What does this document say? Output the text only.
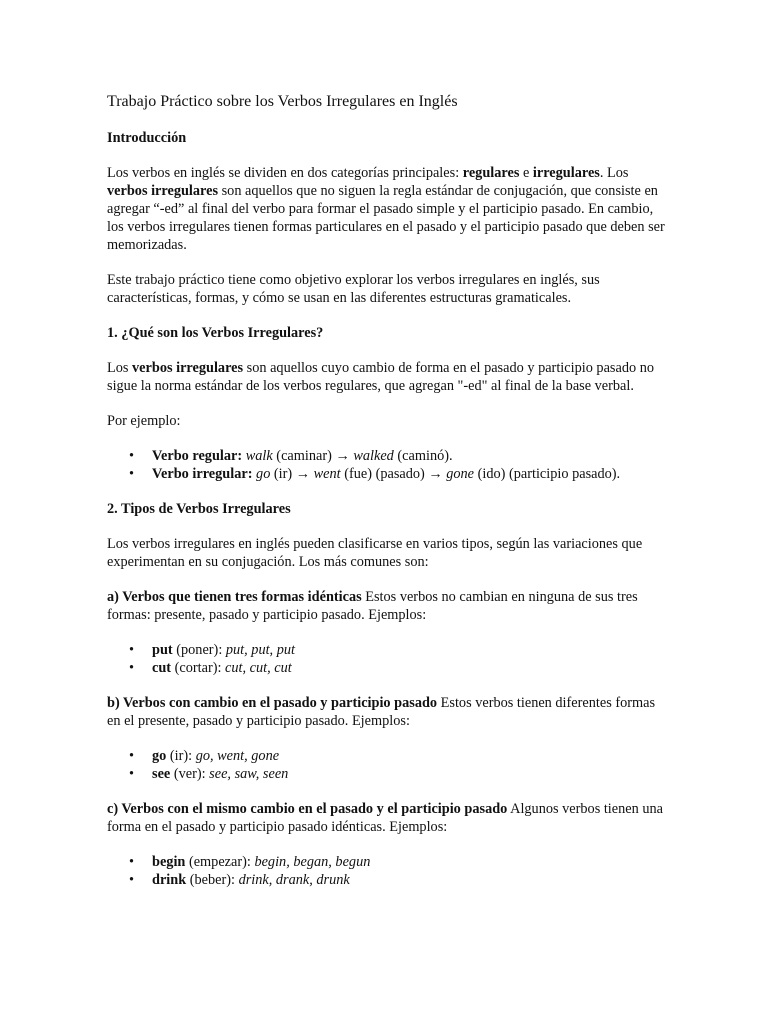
Trabajo Práctico sobre los Verbos Irregulares en Inglés
Introducción

Los verbos en inglés se dividen en dos categorías principales: regulares e irregulares. Los verbos irregulares son aquellos que no siguen la regla estándar de conjugación, que consiste en agregar “-ed” al final del verbo para formar el pasado simple y el participio pasado. En cambio, los verbos irregulares tienen formas particulares en el pasado y el participio pasado que deben ser memorizadas.

Este trabajo práctico tiene como objetivo explorar los verbos irregulares en inglés, sus características, formas, y cómo se usan en las diferentes estructuras gramaticales.

1. ¿Qué son los Verbos Irregulares?

Los verbos irregulares son aquellos cuyo cambio de forma en el pasado y participio pasado no sigue la norma estándar de los verbos regulares, que agregan "-ed" al final de la base verbal.

Por ejemplo:

• Verbo regular: walk (caminar) → walked (caminó).
• Verbo irregular: go (ir) → went (fue) (pasado) → gone (ido) (participio pasado).
2. Tipos de Verbos Irregulares

Los verbos irregulares en inglés pueden clasificarse en varios tipos, según las variaciones que experimentan en su conjugación. Los más comunes son:

a) Verbos que tienen tres formas idénticas Estos verbos no cambian en ninguna de sus tres formas: presente, pasado y participio pasado. Ejemplos:

• put (poner): put, put, put
• cut (cortar): cut, cut, cut

b) Verbos con cambio en el pasado y participio pasado Estos verbos tienen diferentes formas en el presente, pasado y participio pasado. Ejemplos:

• go (ir): go, went, gone
• see (ver): see, saw, seen

c) Verbos con el mismo cambio en el pasado y el participio pasado Algunos verbos tienen una forma en el pasado y participio pasado idénticas. Ejemplos:

• begin (empezar): begin, began, begun
• drink (beber): drink, drank, drunk
